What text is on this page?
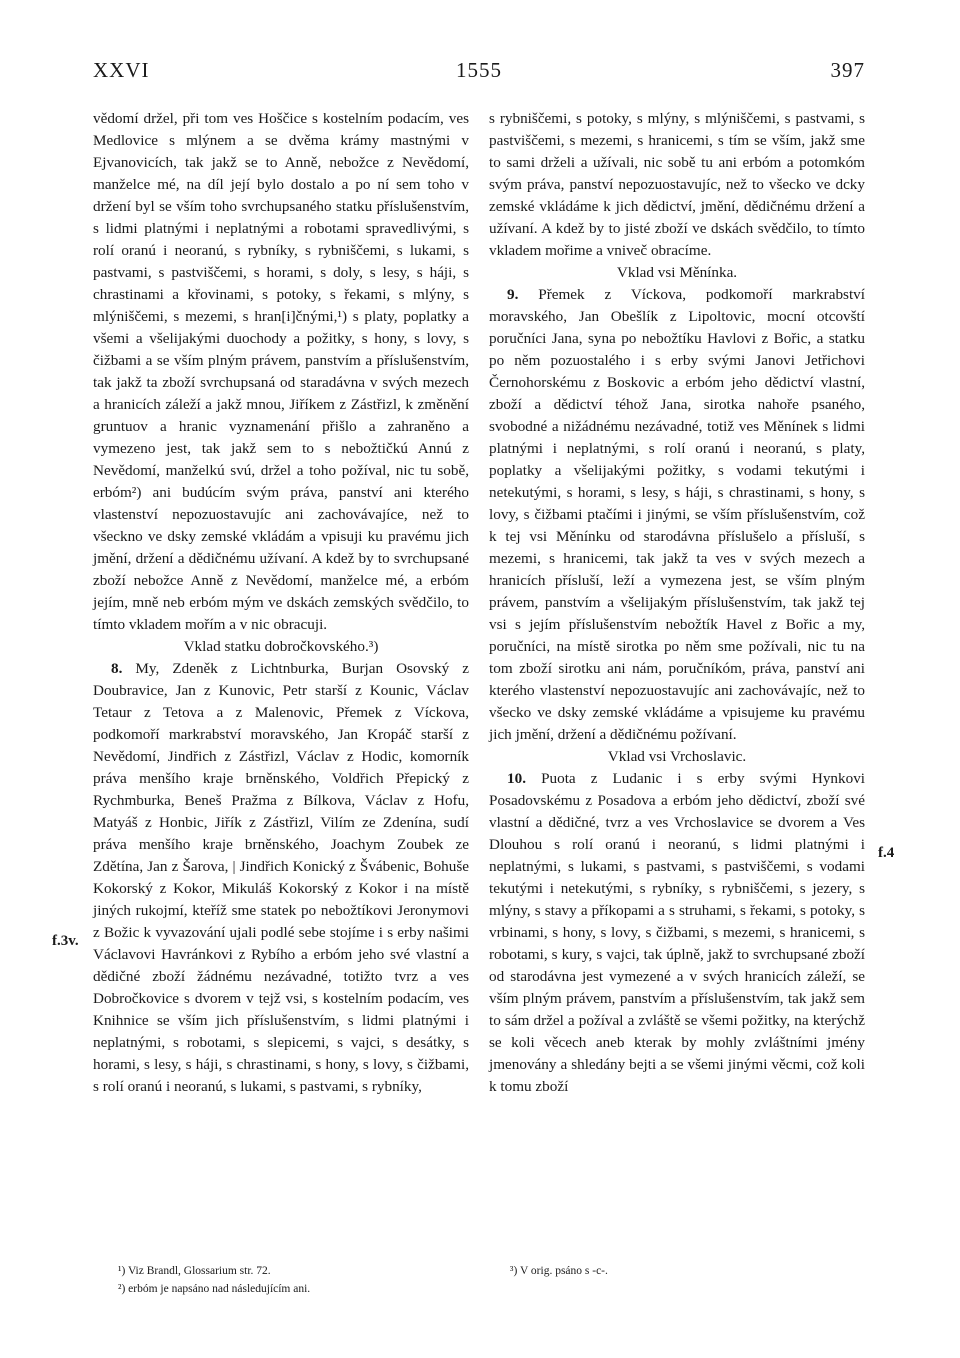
XXVI	1555	397

vědomí držel, při tom ves Hoščice s kostelním podacím, ves Medlovice s mlýnem a se dvěma krámy mastnými v Ejvanovicích, tak jakž se to Anně, nebožce z Nevědomí, manželce mé, na díl její bylo dostalo a po ní sem toho v držení byl se vším toho svrchupsaného statku příslušenstvím, s lidmi platnými i neplatnými a robotami spravedlivými, s rolí oranú i neoranú, s rybníky, s rybniščemi, s lukami, s pastvami, s pastviščemi, s horami, s doly, s lesy, s háji, s chrastinami a křovinami, s potoky, s řekami, s mlýny, s mlýniščemi, s mezemi, s hran[i]čnými,¹) s platy, poplatky a všemi a všelijakými duochody a požitky, s hony, s lovy, s čižbami a se vším plným právem, panstvím a příslušenstvím, tak jakž ta zboží svrchupsaná od staradávna v svých mezech a hranicích záleží a jakž mnou, Jiříkem z Zástřizl, k změnění gruntuov a hranic vyznamenání přišlo a zahraněno a vymezeno jest, tak jakž sem to s nebožtičkú Annú z Nevědomí, manželkú svú, držel a toho požíval, nic tu sobě, erbóm²) ani budúcím svým práva, panství ani kterého vlastenství nepozuostavujíc ani zachovávajíce, než to všeckno ve dsky zemské vkládám a vpisuji ku pravému jich jmění, držení a dědičnému užívaní. A kdež by to svrchupsané zboží nebožce Anně z Nevědomí, manželce mé, a erbóm jejím, mně neb erbóm mým ve dskách zemských svědčilo, to tímto vkladem mořím a v nic obracuji.

Vklad statku dobročkovského.³)

8. My, Zdeněk z Lichtnburka, Burjan Osovský z Doubravice, Jan z Kunovic, Petr starší z Kounic, Václav Tetaur z Tetova a z Malenovic, Přemek z Víckova, podkomoří markrabství moravského, Jan Kropáč starší z Nevědomí, Jindřich z Zástřizl, Václav z Hodic, komorník práva menšího kraje brněnského, Voldřich Přepický z Rychmburka, Beneš Pražma z Bílkova, Václav z Hofu, Matyáš z Honbic, Jiřík z Zástřizl, Vilím ze Zdenína, sudí práva menšího kraje brněnského, Joachym Zoubek ze Zdětína, Jan z Šarova, | Jindřich Konický z Švábenic, Bohuše Kokorský z Kokor, Mikuláš Kokorský z Kokor i na místě jiných rukojmí, kteříž sme statek po nebožtíkovi Jeronymovi z Božic k vyvazování ujali podlé sebe stojíme i s erby našimi Václavovi Havránkovi z Rybího a erbóm jeho své vlastní a dědičné zboží žádnému nezávadné, totižto tvrz a ves Dobročkovice s dvorem v tejž vsi, s kostelním podacím, ves Knihnice se vším jich příslušenstvím, s lidmi platnými i neplatnými, s robotami, s slepicemi, s vajci, s desátky, s horami, s lesy, s háji, s chrastinami, s hony, s lovy, s čižbami, s rolí oranú i neoranú, s lukami, s pastvami, s rybníky,

f.3v.

s rybniščemi, s potoky, s mlýny, s mlýniščemi, s pastvami, s pastviščemi, s mezemi, s hranicemi, s tím se vším, jakž sme to sami drželi a užívali, nic sobě tu ani erbóm a potomkóm svým práva, panství nepozuostavujíc, než to všecko ve dcky zemské vkládáme k jich dědictví, jmění, dědičnému držení a užívaní. A kdež by to jisté zboží ve dskách svědčilo, to tímto vkladem mořime a vniveč obracíme.

Vklad vsi Měnínka.

9. Přemek z Víckova, podkomoří markrabství moravského, Jan Obešlík z Lipoltovic, mocní otcovští poručníci Jana, syna po nebožtíku Havlovi z Bořic, a statku po něm pozuostalého i s erby svými Janovi Jetřichovi Černohorskému z Boskovic a erbóm jeho dědictví vlastní, zboží a dědictví téhož Jana, sirotka nahoře psaného, svobodné a nižádnému nezávadné, totiž ves Měnínek s lidmi platnými i neplatnými, s rolí oranú i neoranú, s platy, poplatky a všelijakými požitky, s vodami tekutými i netekutými, s horami, s lesy, s háji, s chrastinami, s hony, s lovy, s čižbami ptačími i jinými, se vším příslušenstvím, což k tej vsi Měnínku od starodávna příslušelo a přísluší, s mezemi, s hranicemi, tak jakž ta ves v svých mezech a hranicích přísluší, leží a vymezena jest, se vším plným právem, panstvím a všelijakým příslušenstvím, tak jakž tej vsi s jejím příslušenstvím nebožtík Havel z Bořic a my, poručníci, na místě sirotka po něm sme požívali, nic tu na tom zboží sirotku ani nám, poručníkóm, práva, panství ani kterého vlastenství nepozuostavujíc ani zachovávajíc, než to všecko ve dsky zemské vkládáme a vpisujeme ku pravému jich jmění, držení a dědičnému požívaní.

Vklad vsi Vrchoslavic.

10. Puota z Ludanic i s erby svými Hynkovi Posadovskému z Posadova a erbóm jeho dědictví, zboží své vlastní a dědičné, tvrz a ves Vrchoslavice se dvorem a Ves Dlouhou s rolí oranú i neoranú, s lidmi platnými i neplatnými, s lukami, s pastvami, s pastviščemi, s vodami tekutými i netekutými, s rybníky, s rybniščemi, s jezery, s mlýny, s stavy a příkopami a s struhami, s řekami, s potoky, s vrbinami, s hony, s lovy, s čižbami, s mezemi, s hranicemi, s robotami, s kury, s vajci, tak úplně, jakž to svrchupsané zboží od starodávna jest vymezené a v svých hranicích záleží, se vším plným právem, panstvím a příslušenstvím, tak jakž sem to sám držel a požíval a zvláště se všemi požitky, na kterýchž se koli věcech aneb kterak by mohly zvláštními jmény jmenovány a shledány bejti a se všemi jinými věcmi, což koli k tomu zboží

f.4
¹) Viz Brandl, Glossarium str. 72.
²) erbóm je napsáno nad následujícím ani.
³) V orig. psáno s -c-.
